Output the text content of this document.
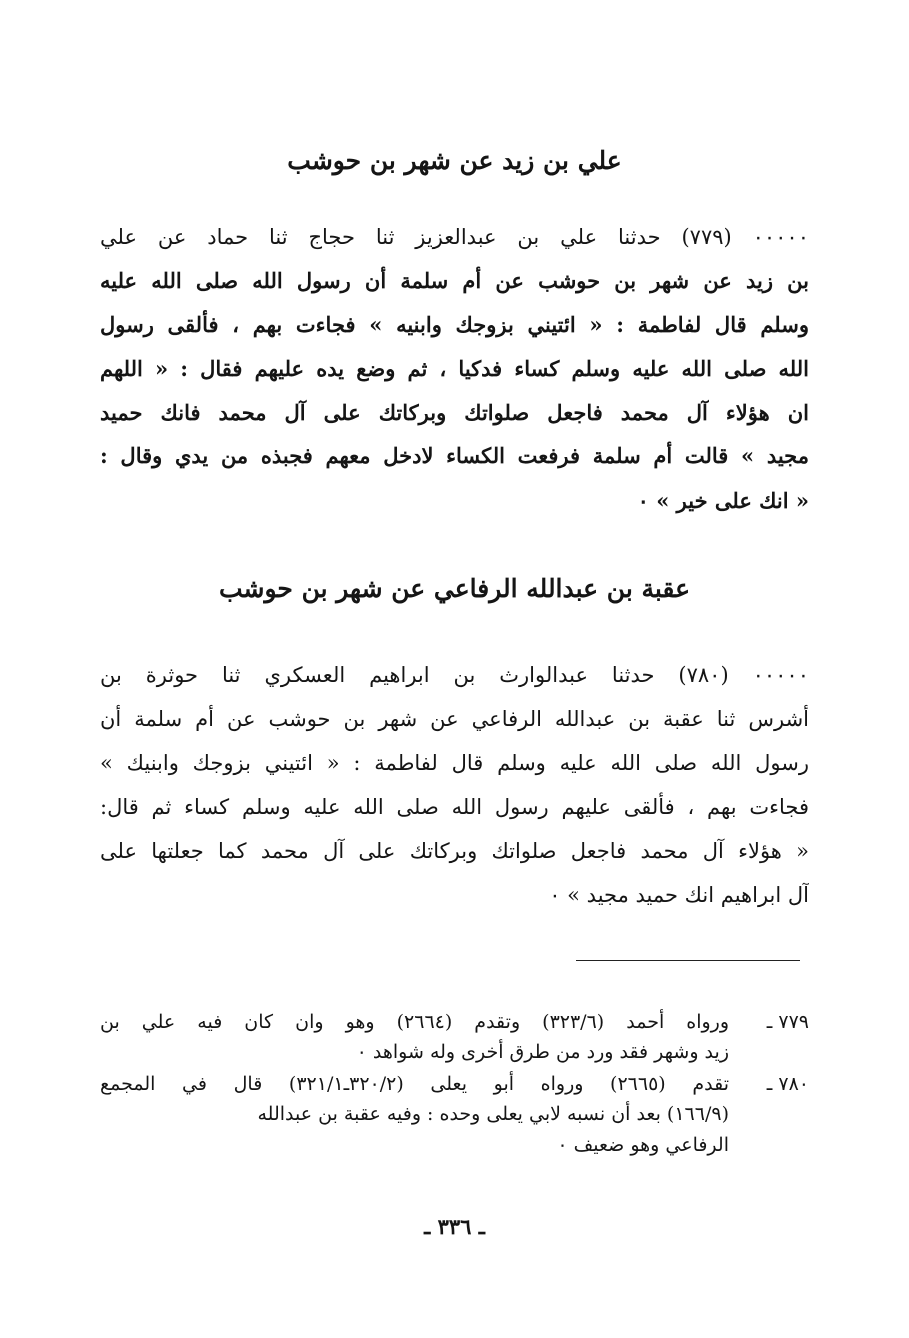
علي بن زيد عن شهر بن حوشب
٠٠٠٠٠ (٧٧٩) حدثنا علي بن عبدالعزيز ثنا حجاج ثنا حماد عن علي
بن زيد عن شهر بن حوشب عن أم سلمة أن رسول الله صلى الله عليه
وسلم قال لفاطمة : « ائتيني بزوجك وابنيه » فجاءت بهم ، فألقى رسول
الله صلى الله عليه وسلم كساء فدكيا ، ثم وضع يده عليهم فقال : « اللهم
ان هؤلاء آل محمد فاجعل صلواتك وبركاتك على آل محمد فانك حميد
مجيد » قالت أم سلمة فرفعت الكساء لادخل معهم فجبذه من يدي وقال :
« انك على خير » ٠
عقبة بن عبدالله الرفاعي عن شهر بن حوشب
٠٠٠٠٠ (٧٨٠) حدثنا عبدالوارث بن ابراهيم العسكري ثنا حوثرة بن
أشرس ثنا عقبة بن عبدالله الرفاعي عن شهر بن حوشب عن أم سلمة أن
رسول الله صلى الله عليه وسلم قال لفاطمة : « ائتيني بزوجك وابنيك »
فجاءت بهم ، فألقى عليهم رسول الله صلى الله عليه وسلم كساء ثم قال:
« هؤلاء آل محمد فاجعل صلواتك وبركاتك على آل محمد كما جعلتها على
آل ابراهيم انك حميد مجيد » ٠
٧٧٩ ـورواه أحمد (٣٢٣/٦) وتقدم (٢٦٦٤) وهو وان كان فيه علي بن
زيد وشهر فقد ورد من طرق أخرى وله شواهد ٠
٧٨٠ ـتقدم (٢٦٦٥) ورواه أبو يعلى (٣٢٠/٢ـ٣٢١/١) قال في المجمع
(١٦٦/٩) بعد أن نسبه لابي يعلى وحده : وفيه عقبة بن عبدالله
الرفاعي وهو ضعيف ٠
ـ ٣٣٦ ـ
